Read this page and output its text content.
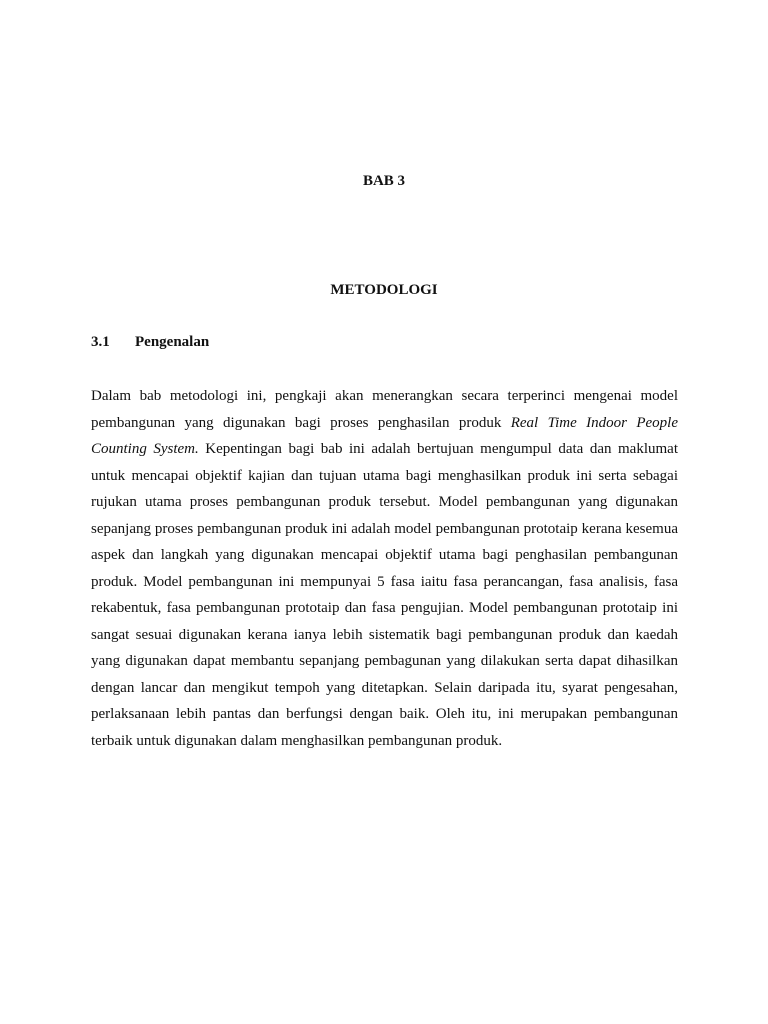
BAB 3
METODOLOGI
3.1 Pengenalan

Dalam bab metodologi ini, pengkaji akan menerangkan secara terperinci mengenai model pembangunan yang digunakan bagi proses penghasilan produk Real Time Indoor People Counting System. Kepentingan bagi bab ini adalah bertujuan mengumpul data dan maklumat untuk mencapai objektif kajian dan tujuan utama bagi menghasilkan produk ini serta sebagai rujukan utama proses pembangunan produk tersebut. Model pembangunan yang digunakan sepanjang proses pembangunan produk ini adalah model pembangunan prototaip kerana kesemua aspek dan langkah yang digunakan mencapai objektif utama bagi penghasilan pembangunan produk. Model pembangunan ini mempunyai 5 fasa iaitu fasa perancangan, fasa analisis, fasa rekabentuk, fasa pembangunan prototaip dan fasa pengujian. Model pembangunan prototaip ini sangat sesuai digunakan kerana ianya lebih sistematik bagi pembangunan produk dan kaedah yang digunakan dapat membantu sepanjang pembagunan yang dilakukan serta dapat dihasilkan dengan lancar dan mengikut tempoh yang ditetapkan. Selain daripada itu, syarat pengesahan, perlaksanaan lebih pantas dan berfungsi dengan baik. Oleh itu, ini merupakan pembangunan terbaik untuk digunakan dalam menghasilkan pembangunan produk.
